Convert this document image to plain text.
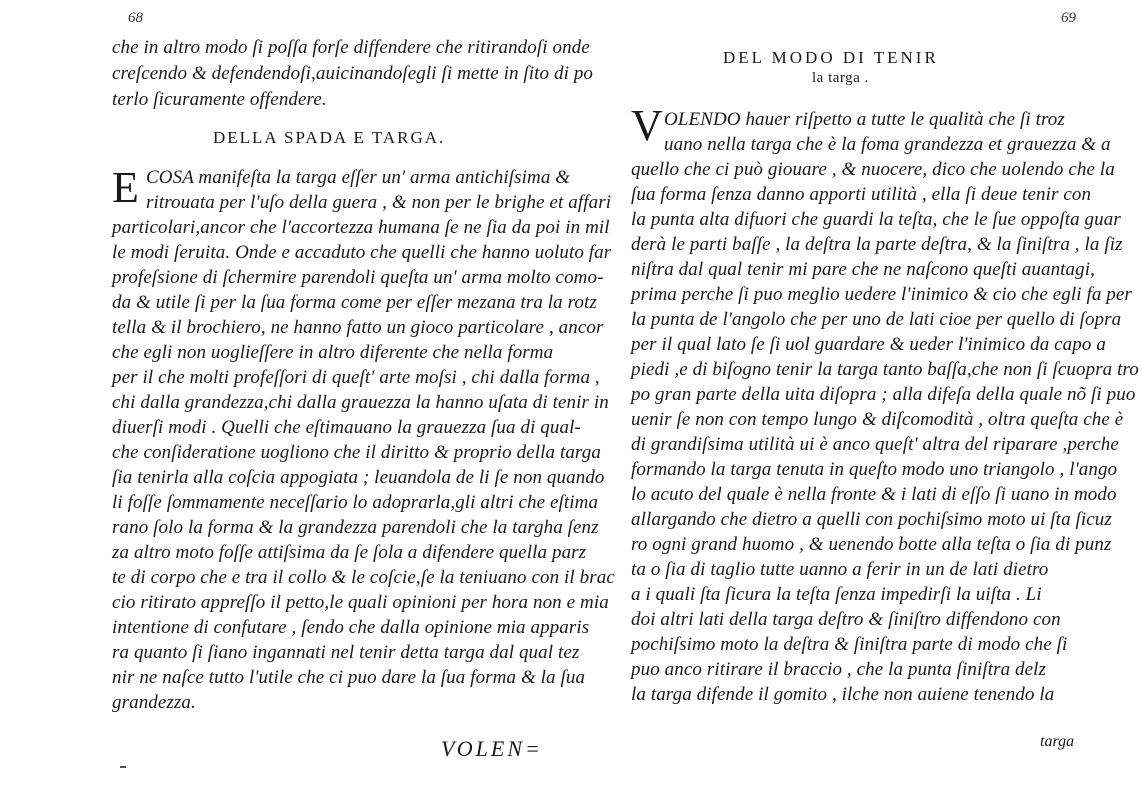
68
che in altro modo ſi poſſa forſe diffendere che ritirandoſi onde
creſcendo & defendendoſi,auicinandoſegli ſi mette in ſito di po
terlo ſicuramente offendere.
DELLA SPADA E TARGA.
E COSA manifeſta la targa eſſer un' arma antichiſsima &
ritrouata per l'uſo della guera , & non per le brighe et affari
particolari,ancor che l'accortezza humana ſe ne ſia da poi in mil
le modi ſeruita. Onde e accaduto che quelli che hanno uoluto far
profeſsione di ſchermire parendoli queſta un' arma molto como-
da & utile ſi per la ſua forma come per eſſer mezana tra la rotz
tella & il brochiero, ne hanno fatto un gioco particolare , ancor
che egli non uoglieſſere in altro diferente che nella forma
per il che molti profeſſori di queſt' arte moſsi , chi dalla forma ,
chi dalla grandezza,chi dalla grauezza la hanno uſata di tenir in
diuerſi modi . Quelli che eſtimauano la grauezza ſua di qual-
che conſideratione uogliono che il diritto & proprio della targa
ſia tenirla alla coſcia appogiata ; leuandola de li ſe non quando
li foſſe ſommamente neceſſario lo adoprarla,gli altri che eſtima
rano ſolo la forma & la grandezza parendoli che la targha ſenz
za altro moto foſſe attiſsima da ſe ſola a difendere quella parz
te di corpo che e tra il collo & le coſcie,ſe la teniuano con il brac
cio ritirato appreſſo il petto,le quali opinioni per hora non e mia
intentione di confutare , ſendo che dalla opinione mia apparis
ra quanto ſi ſiano ingannati nel tenir detta targa dal qual tez
nir ne naſce tutto l'utile che ci puo dare la ſua forma & la ſua
grandezza.
VOLEN=
69
DEL MODO DI TENIR
la targa .
V OLENDO hauer riſpetto a tutte le qualità che ſi troz
uano nella targa che è la foma grandezza et grauezza & a
quello che ci può giouare , & nuocere, dico che uolendo che la
ſua forma ſenza danno apporti utilità , ella ſi deue tenir con
la punta alta difuori che guardi la teſta, che le ſue oppoſta guar
derà le parti baſſe , la deſtra la parte deſtra, & la ſiniſtra , la ſiz
niſtra dal qual tenir mi pare che ne naſcono queſti auantagi,
prima perche ſi puo meglio uedere l'inimico & cio che egli fa per
la punta de l'angolo che per uno de lati cioe per quello di ſopra
per il qual lato ſe ſi uol guardare & ueder l'inimico da capo a
piedi ,e di biſogno tenir la targa tanto baſſa,che non ſi ſcuopra tro
po gran parte della uita diſopra ; alla difeſa della quale nõ ſi puo
uenir ſe non con tempo lungo & diſcomodità , oltra queſta che è
di grandiſsima utilità ui è anco queſt' altra del riparare ,perche
formando la targa tenuta in queſto modo uno triangolo , l'ango
lo acuto del quale è nella fronte & i lati di eſſo ſi uano in modo
allargando che dietro a quelli con pochiſsimo moto ui ſta ſicuz
ro ogni grand huomo , & uenendo botte alla teſta o ſia di punz
ta o ſia di taglio tutte uanno a ferir in un de lati dietro
a i quali ſta ſicura la teſta ſenza impedirſi la uiſta . Li
doi altri lati della targa deſtro & ſiniſtro diffendono con
pochiſsimo moto la deſtra & ſiniſtra parte di modo che ſi
puo anco ritirare il braccio , che la punta ſiniſtra delz
la targa difende il gomito , ilche non auiene tenendo la
targa
